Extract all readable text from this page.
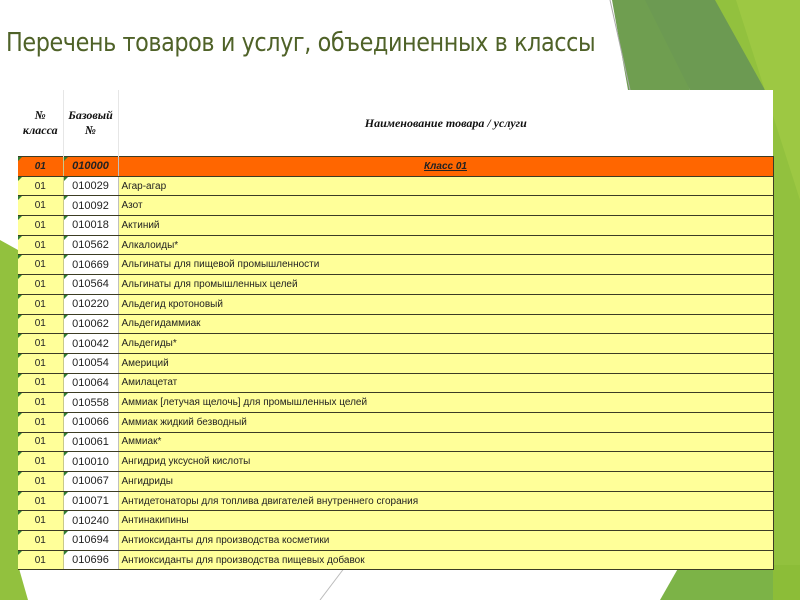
Перечень товаров и услуг, объединенных в классы
№ класса	Базовый №	Наименование товара / услуги
01	010000	Класс 01
01	010029	Агар-агар
01	010092	Азот
01	010018	Актиний
01	010562	Алкалоиды*
01	010669	Альгинаты для пищевой промышленности
01	010564	Альгинаты для промышленных целей
01	010220	Альдегид кротоновый
01	010062	Альдегидаммиак
01	010042	Альдегиды*
01	010054	Америций
01	010064	Амилацетат
01	010558	Аммиак [летучая щелочь] для промышленных целей
01	010066	Аммиак жидкий безводный
01	010061	Аммиак*
01	010010	Ангидрид уксусной кислоты
01	010067	Ангидриды
01	010071	Антидетонаторы для топлива двигателей внутреннего сгорания
01	010240	Антинакипины
01	010694	Антиоксиданты для производства косметики
01	010696	Антиоксиданты для производства пищевых добавок
